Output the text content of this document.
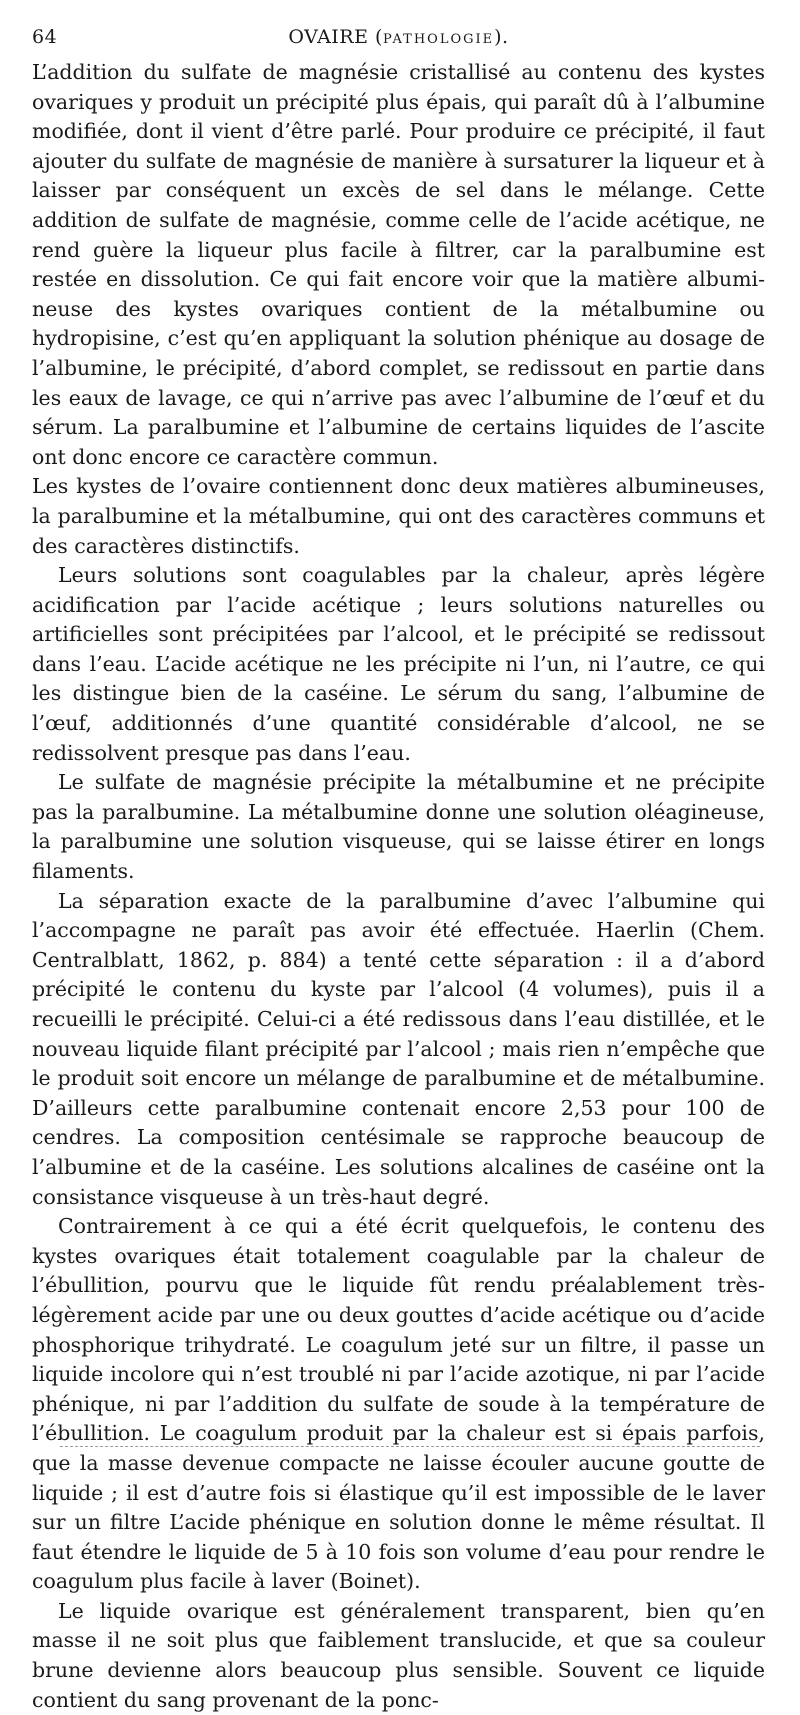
64	OVAIRE (PATHOLOGIE).

L’addition du sulfate de magnésie cristallisé au contenu des kystes ovariques y produit un précipité plus épais, qui paraît dû à l’albumine modifiée, dont il vient d’être parlé. Pour produire ce précipité, il faut ajouter du sulfate de magnésie de manière à sursaturer la liqueur et à laisser par conséquent un excès de sel dans le mélange. Cette addition de sulfate de magnésie, comme celle de l’acide acétique, ne rend guère la liqueur plus facile à filtrer, car la paralbumine est restée en dissolution. Ce qui fait encore voir que la matière albumineuse des kystes ovariques contient de la métalbumine ou hydropisine, c’est qu’en appliquant la solution phénique au dosage de l’albumine, le précipité, d’abord complet, se redissout en partie dans les eaux de lavage, ce qui n’arrive pas avec l’albumine de l’œuf et du sérum. La paralbumine et l’albumine de certains liquides de l’ascite ont donc encore ce caractère commun.

Les kystes de l’ovaire contiennent donc deux matières albumineuses, la paralbumine et la métalbumine, qui ont des caractères communs et des caractères distinctifs.

Leurs solutions sont coagulables par la chaleur, après légère acidification par l’acide acétique ; leurs solutions naturelles ou artificielles sont précipitées par l’alcool, et le précipité se redissout dans l’eau. L’acide acétique ne les précipite ni l’un, ni l’autre, ce qui les distingue bien de la caséine. Le sérum du sang, l’albumine de l’œuf, additionnés d’une quantité considérable d’alcool, ne se redissolvent presque pas dans l’eau.

Le sulfate de magnésie précipite la métalbumine et ne précipite pas la paralbumine. La métalbumine donne une solution oléagineuse, la paralbumine une solution visqueuse, qui se laisse étirer en longs filaments.

La séparation exacte de la paralbumine d’avec l’albumine qui l’accompagne ne paraît pas avoir été effectuée. Haerlin (Chem. Centralblatt, 1862, p. 884) a tenté cette séparation : il a d’abord précipité le contenu du kyste par l’alcool (4 volumes), puis il a recueilli le précipité. Celui-ci a été redissous dans l’eau distillée, et le nouveau liquide filant précipité par l’alcool ; mais rien n’empêche que le produit soit encore un mélange de paralbumine et de métalbumine. D’ailleurs cette paralbumine contenait encore 2,53 pour 100 de cendres. La composition centésimale se rapproche beaucoup de l’albumine et de la caséine. Les solutions alcalines de caséine ont la consistance visqueuse à un très-haut degré.

Contrairement à ce qui a été écrit quelquefois, le contenu des kystes ovariques était totalement coagulable par la chaleur de l’ébullition, pourvu que le liquide fût rendu préalablement très-légèrement acide par une ou deux gouttes d’acide acétique ou d’acide phosphorique trihydraté. Le coagulum jeté sur un filtre, il passe un liquide incolore qui n’est troublé ni par l’acide azotique, ni par l’acide phénique, ni par l’addition du sulfate de soude à la température de l’ébullition. Le coagulum produit par la chaleur est si épais parfois, que la masse devenue compacte ne laisse écouler aucune goutte de liquide ; il est d’autre fois si élastique qu’il est impossible de le laver sur un filtre L’acide phénique en solution donne le même résultat. Il faut étendre le liquide de 5 à 10 fois son volume d’eau pour rendre le coagulum plus facile à laver (Boinet).

Le liquide ovarique est généralement transparent, bien qu’en masse il ne soit plus que faiblement translucide, et que sa couleur brune devienne alors beaucoup plus sensible. Souvent ce liquide contient du sang provenant de la ponc-
